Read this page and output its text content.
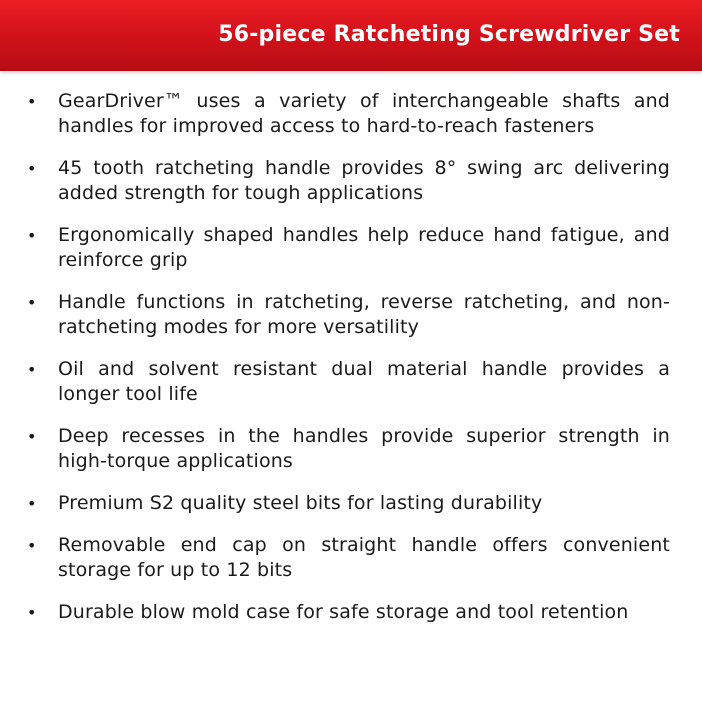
56-piece Ratcheting Screwdriver Set
• GearDriver™ uses a variety of interchangeable shafts and handles for improved access to hard-to-reach fasteners
• 45 tooth ratcheting handle provides 8° swing arc delivering added strength for tough applications
• Ergonomically shaped handles help reduce hand fatigue, and reinforce grip
• Handle functions in ratcheting, reverse ratcheting, and non-ratcheting modes for more versatility
• Oil and solvent resistant dual material handle provides a longer tool life
• Deep recesses in the handles provide superior strength in high-torque applications
• Premium S2 quality steel bits for lasting durability
• Removable end cap on straight handle offers convenient storage for up to 12 bits
• Durable blow mold case for safe storage and tool retention
